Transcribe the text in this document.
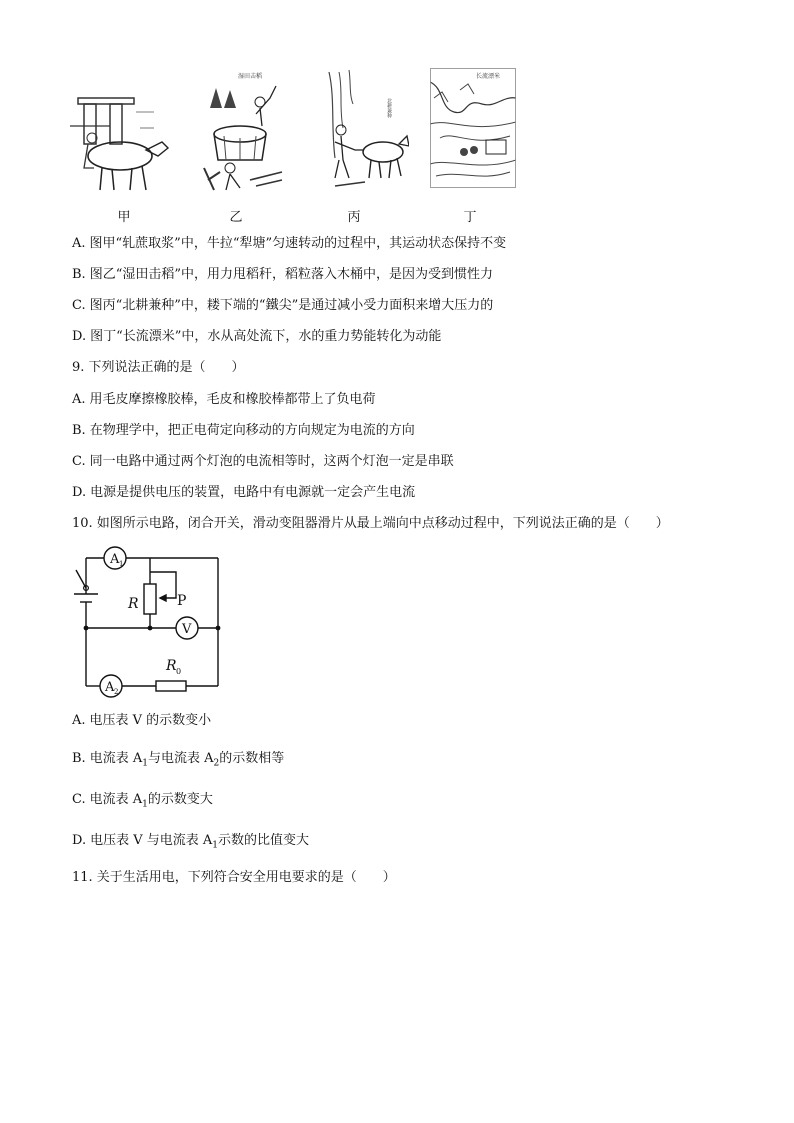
湿田击稻
北耕兼种
长流漂米
甲	乙	丙	丁
A. 图甲“轧蔗取浆”中，牛拉“犁塘”匀速转动的过程中，其运动状态保持不变
B. 图乙“湿田击稻”中，用力甩稻秆，稻粒落入木桶中，是因为受到惯性力
C. 图丙“北耕兼种”中，耧下端的“鐵尖”是通过减小受力面积来增大压力的
D. 图丁“长流漂米”中，水从高处流下，水的重力势能转化为动能
9. 下列说法正确的是（　　）
A. 用毛皮摩擦橡胶棒，毛皮和橡胶棒都带上了负电荷
B. 在物理学中，把正电荷定向移动的方向规定为电流的方向
C. 同一电路中通过两个灯泡的电流相等时，这两个灯泡一定是串联
D. 电源是提供电压的装置，电路中有电源就一定会产生电流
10. 如图所示电路，闭合开关，滑动变阻器滑片从最上端向中点移动过程中，下列说法正确的是（　　）
A 1
V
A 2
R	P
R 0
A. 电压表 V 的示数变小
B. 电流表 $A_1$与电流表 $A_2$的示数相等
C. 电流表 $A_1$的示数变大
D. 电压表 V 与电流表 $A_1$示数的比值变大
11. 关于生活用电，下列符合安全用电要求的是（　　）
